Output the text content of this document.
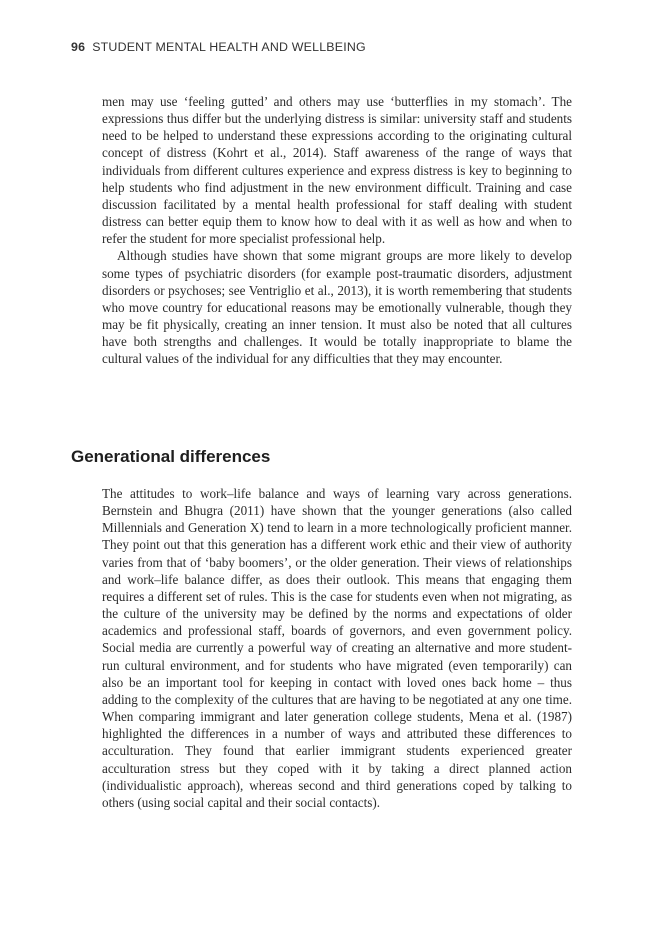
96 STUDENT MENTAL HEALTH AND WELLBEING

men may use ‘feeling gutted’ and others may use ‘butterflies in my stomach’. The expressions thus differ but the underlying distress is similar: university staff and students need to be helped to understand these expressions according to the originating cultural concept of distress (Kohrt et al., 2014). Staff awareness of the range of ways that individuals from different cultures experience and express distress is key to beginning to help students who find adjustment in the new environment difficult. Training and case discussion facilitated by a mental health professional for staff dealing with student distress can better equip them to know how to deal with it as well as how and when to refer the student for more specialist professional help.

Although studies have shown that some migrant groups are more likely to develop some types of psychiatric disorders (for example post-traumatic disorders, adjustment disorders or psychoses; see Ventriglio et al., 2013), it is worth remembering that students who move country for educational reasons may be emotionally vulnerable, though they may be fit physically, creating an inner tension. It must also be noted that all cultures have both strengths and challenges. It would be totally inappropriate to blame the cultural values of the individual for any difficulties that they may encounter.

Generational differences

The attitudes to work–life balance and ways of learning vary across generations. Bernstein and Bhugra (2011) have shown that the younger generations (also called Millennials and Generation X) tend to learn in a more technologically proficient manner. They point out that this generation has a different work ethic and their view of authority varies from that of ‘baby boomers’, or the older generation. Their views of relationships and work–life balance differ, as does their outlook. This means that engaging them requires a different set of rules. This is the case for students even when not migrating, as the culture of the university may be defined by the norms and expectations of older academics and professional staff, boards of governors, and even government policy. Social media are currently a powerful way of creating an alternative and more student-run cultural environment, and for students who have migrated (even temporarily) can also be an important tool for keeping in contact with loved ones back home – thus adding to the complexity of the cultures that are having to be negotiated at any one time. When comparing immigrant and later generation college students, Mena et al. (1987) highlighted the differences in a number of ways and attributed these differences to acculturation. They found that earlier immigrant students experienced greater acculturation stress but they coped with it by taking a direct planned action (individualistic approach), whereas second and third generations coped by talking to others (using social capital and their social contacts).
